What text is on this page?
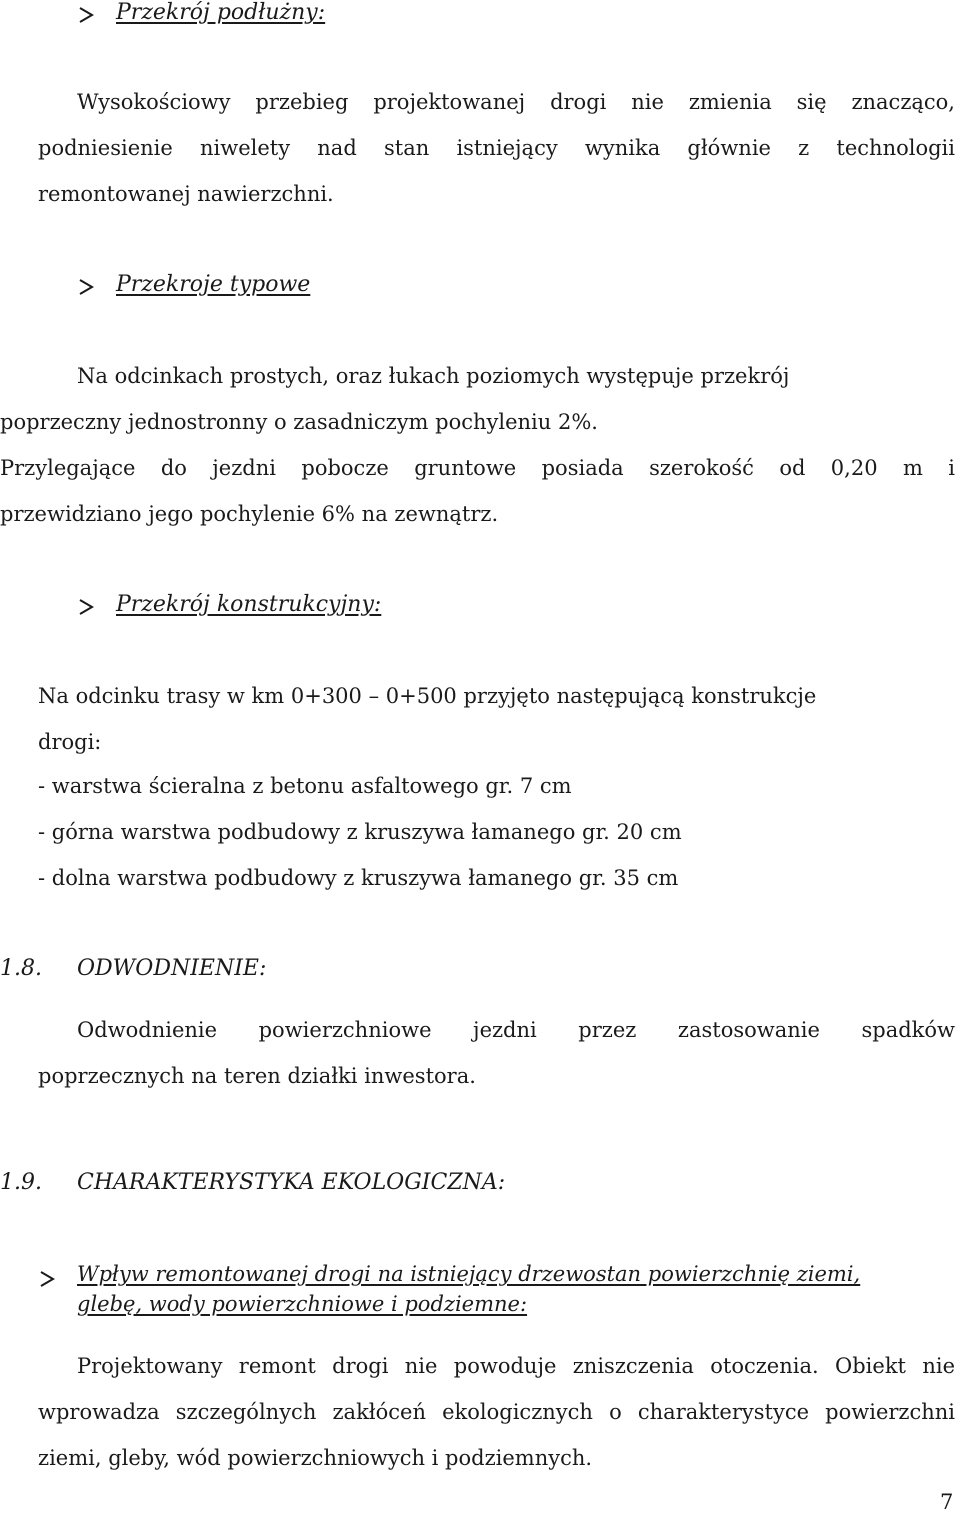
Przekrój podłużny:
Wysokościowy przebieg projektowanej drogi nie zmienia się znacząco,
podniesienie niwelety nad stan istniejący wynika głównie z technologii
remontowanej nawierzchni.
Przekroje typowe
Na odcinkach prostych, oraz łukach poziomych występuje przekrój
poprzeczny jednostronny o zasadniczym pochyleniu 2%.
Przylegające do jezdni pobocze gruntowe posiada szerokość od 0,20 m i
przewidziano jego pochylenie 6% na zewnątrz.
Przekrój konstrukcyjny:
Na odcinku trasy w km 0+300 – 0+500 przyjęto następującą konstrukcje
drogi:
- warstwa ścieralna z betonu asfaltowego gr. 7 cm
- górna warstwa podbudowy z kruszywa łamanego gr. 20 cm
- dolna warstwa podbudowy z kruszywa łamanego gr. 35 cm
1.8. ODWODNIENIE:
Odwodnienie powierzchniowe jezdni przez zastosowanie spadków
poprzecznych na teren działki inwestora.
1.9. CHARAKTERYSTYKA EKOLOGICZNA:
Wpływ remontowanej drogi na istniejący drzewostan powierzchnię ziemi,
glebę, wody powierzchniowe i podziemne:
Projektowany remont drogi nie powoduje zniszczenia otoczenia. Obiekt nie
wprowadza szczególnych zakłóceń ekologicznych o charakterystyce powierzchni
ziemi, gleby, wód powierzchniowych i podziemnych.
7
